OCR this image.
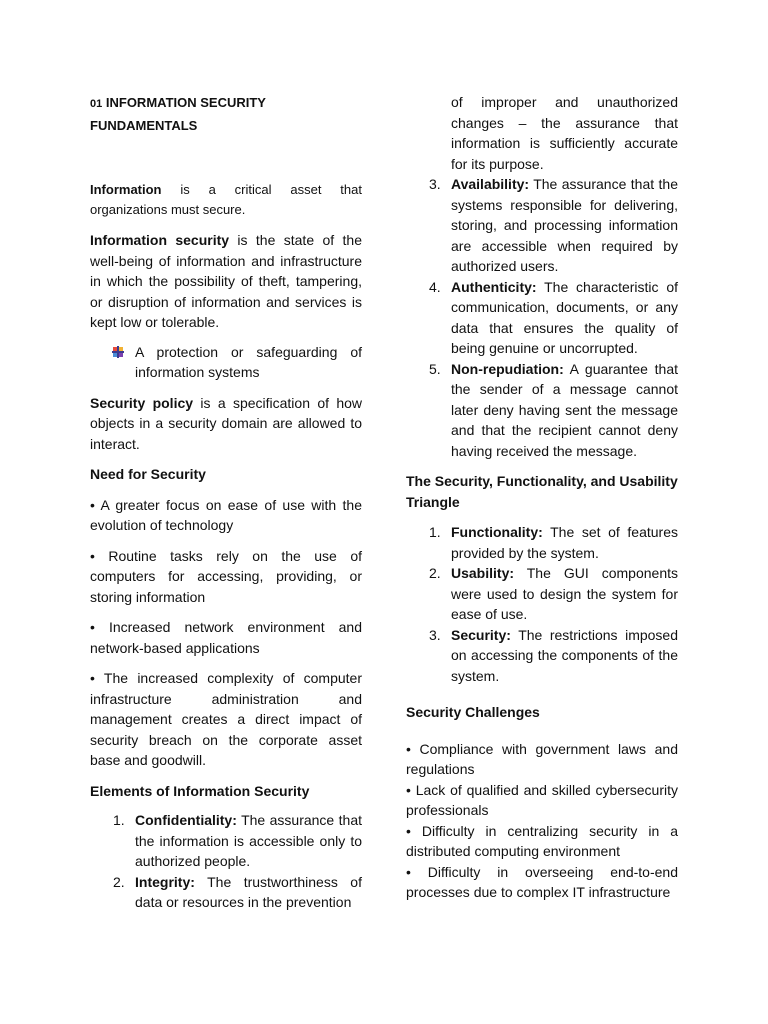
01 INFORMATION SECURITY FUNDAMENTALS

Information is a critical asset that organizations must secure.

Information security is the state of the well-being of information and infrastructure in which the possibility of theft, tampering, or disruption of information and services is kept low or tolerable.

A protection or safeguarding of information systems

Security policy is a specification of how objects in a security domain are allowed to interact.

Need for Security

• A greater focus on ease of use with the evolution of technology

• Routine tasks rely on the use of computers for accessing, providing, or storing information

• Increased network environment and network-based applications

• The increased complexity of computer infrastructure administration and management creates a direct impact of security breach on the corporate asset base and goodwill.

Elements of Information Security

1. Confidentiality: The assurance that the information is accessible only to authorized people.
2. Integrity: The trustworthiness of data or resources in the prevention

of improper and unauthorized changes – the assurance that information is sufficiently accurate for its purpose.

3. Availability: The assurance that the systems responsible for delivering, storing, and processing information are accessible when required by authorized users.
4. Authenticity: The characteristic of communication, documents, or any data that ensures the quality of being genuine or uncorrupted.
5. Non-repudiation: A guarantee that the sender of a message cannot later deny having sent the message and that the recipient cannot deny having received the message.

The Security, Functionality, and Usability Triangle

1. Functionality: The set of features provided by the system.
2. Usability: The GUI components were used to design the system for ease of use.
3. Security: The restrictions imposed on accessing the components of the system.

Security Challenges

• Compliance with government laws and regulations

• Lack of qualified and skilled cybersecurity professionals

• Difficulty in centralizing security in a distributed computing environment

• Difficulty in overseeing end-to-end processes due to complex IT infrastructure
